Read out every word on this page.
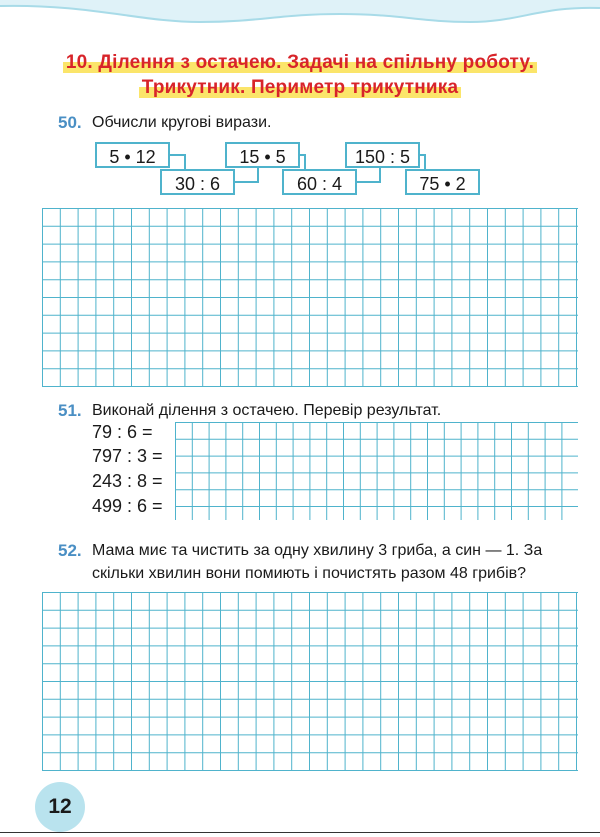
10. Ділення з остачею. Задачі на спільну роботу.
Трикутник. Периметр трикутника
50. Обчисли кругові вирази.
5 • 12	15 • 5	150 : 5
30 : 6	60 : 4	75 • 2
51. Виконай ділення з остачею. Перевір результат.
79 : 6 =
797 : 3 =
243 : 8 =
499 : 6 =
52. Мама миє та чистить за одну хвилину 3 гриба, а син — 1. За
скільки хвилин вони помиють і почистять разом 48 грибів?
12
